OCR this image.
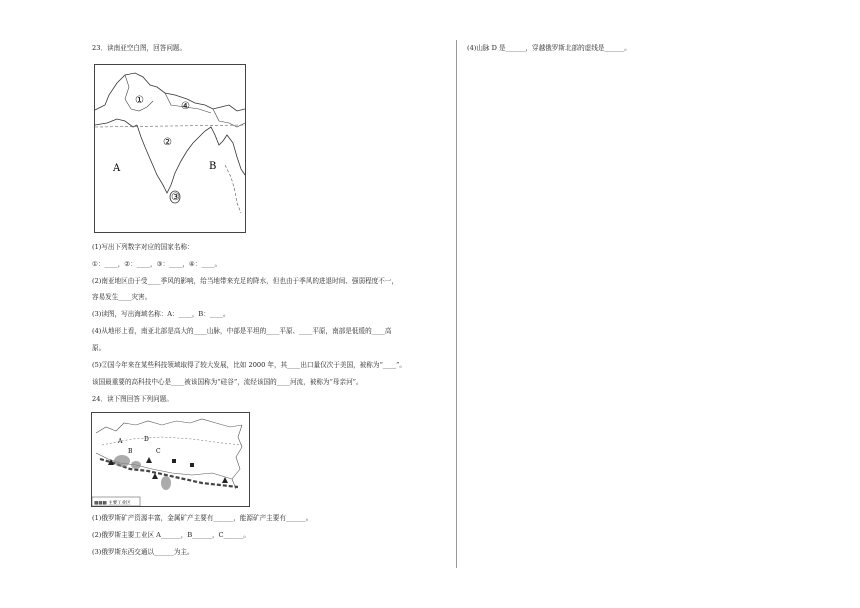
23．读南亚空白图，回答问题。
①
④
②
③
A	B
(1)写出下列数字对应的国家名称：
①：____，②：____，③：____，④：____。
(2)南亚地区由于受____季风的影响，给当地带来充足的降水，但也由于季风的进退时间、强弱程度不一，
容易发生____灾害。
(3)读图，写出海域名称：A：____，B：____。
(4)从地形上看，南亚北部是高大的____山脉，中部是平坦的____平原、____平原，南部是低缓的____高
原。
(5)②国今年来在某些科技领域取得了较大发展，比如 2000 年，其____出口量仅次于美国，被称为“____”。
该国最重要的高科技中心是____被该国称为“硅谷”，流经该国的____河流，被称为“母亲河”。
24．读下图回答下列问题。
A
B	C
D
▩▩▩ 主要工业区
(1)俄罗斯矿产资源丰富，金属矿产主要有______，能源矿产主要有______。
(2)俄罗斯主要工业区 A______，B______，C______。
(3)俄罗斯东西交通以______为主。
(4)山脉 D 是______，穿越俄罗斯北部的虚线是______。
